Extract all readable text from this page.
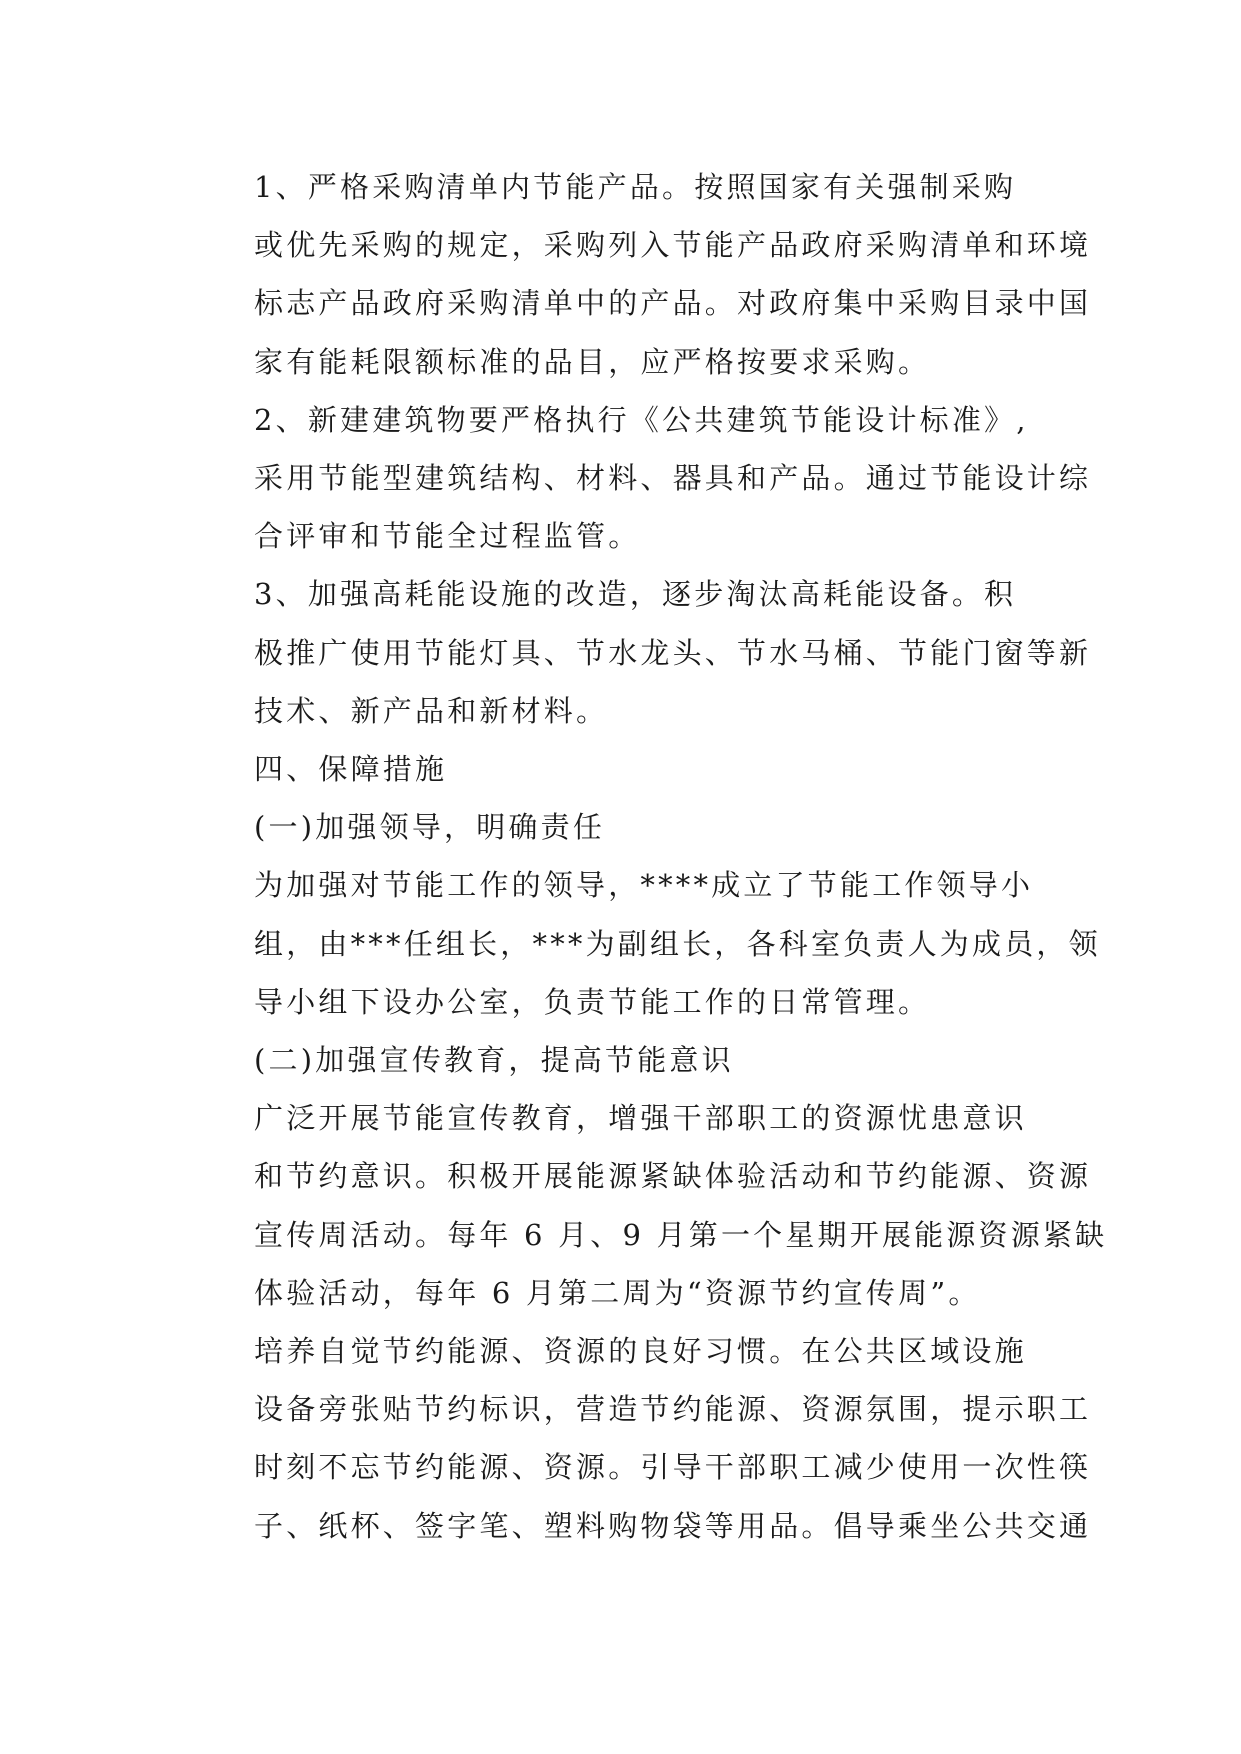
1、严格采购清单内节能产品。按照国家有关强制采购
或优先采购的规定，采购列入节能产品政府采购清单和环境
标志产品政府采购清单中的产品。对政府集中采购目录中国
家有能耗限额标准的品目，应严格按要求采购。

2、新建建筑物要严格执行《公共建筑节能设计标准》,
采用节能型建筑结构、材料、器具和产品。通过节能设计综
合评审和节能全过程监管。

3、加强高耗能设施的改造，逐步淘汰高耗能设备。积
极推广使用节能灯具、节水龙头、节水马桶、节能门窗等新
技术、新产品和新材料。

四、保障措施

(一)加强领导，明确责任

为加强对节能工作的领导，****成立了节能工作领导小
组，由***任组长，***为副组长，各科室负责人为成员，领
导小组下设办公室，负责节能工作的日常管理。

(二)加强宣传教育，提高节能意识

广泛开展节能宣传教育，增强干部职工的资源忧患意识
和节约意识。积极开展能源紧缺体验活动和节约能源、资源
宣传周活动。每年 6 月、9 月第一个星期开展能源资源紧缺
体验活动，每年 6 月第二周为“资源节约宣传周”。

培养自觉节约能源、资源的良好习惯。在公共区域设施
设备旁张贴节约标识，营造节约能源、资源氛围，提示职工
时刻不忘节约能源、资源。引导干部职工减少使用一次性筷
子、纸杯、签字笔、塑料购物袋等用品。倡导乘坐公共交通
